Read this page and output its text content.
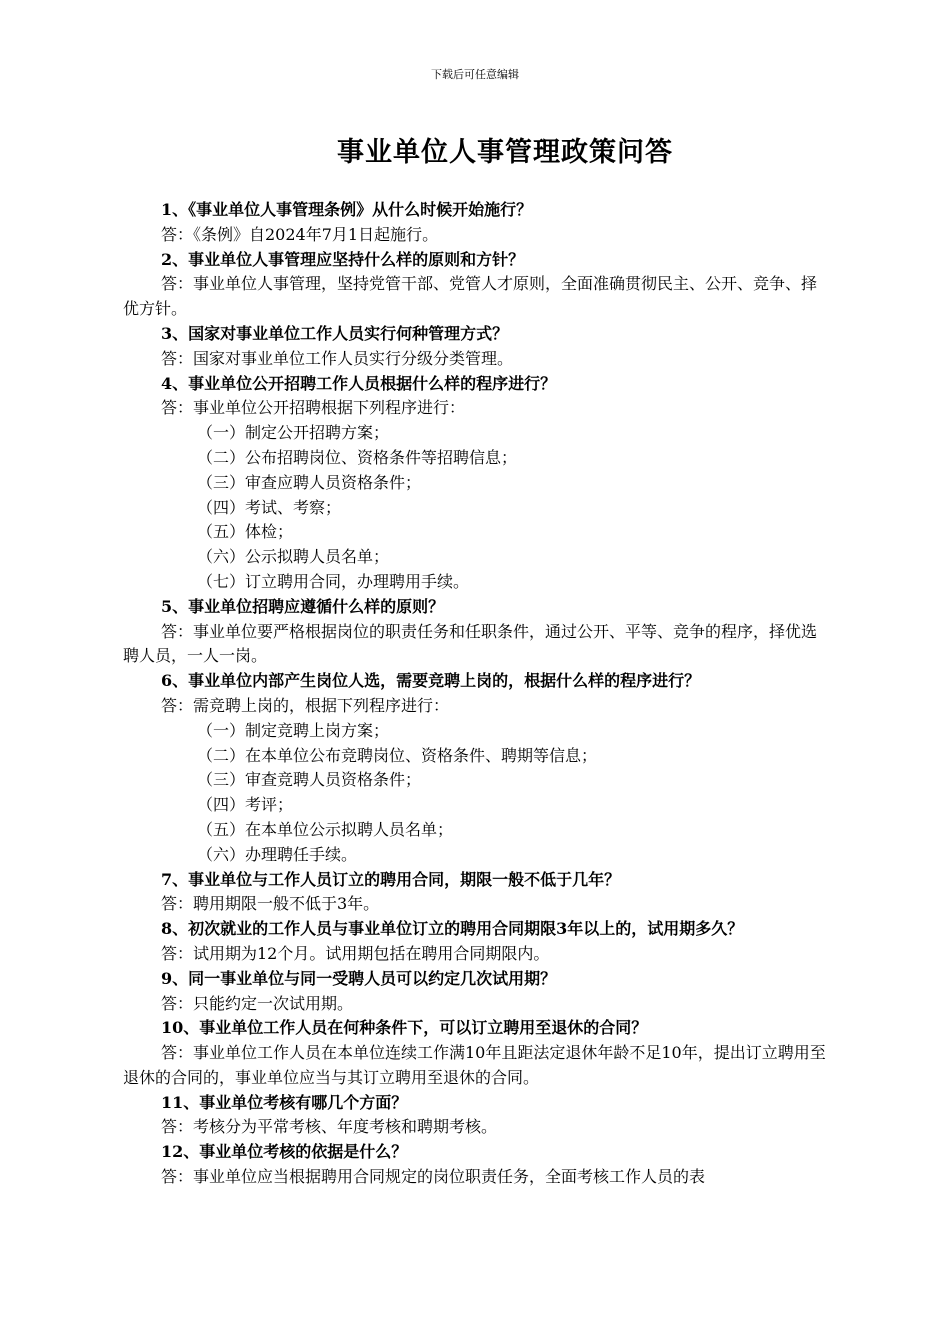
下载后可任意编辑
事业单位人事管理政策问答

1、《事业单位人事管理条例》从什么时候开始施行？

答：《条例》自2024年7月1日起施行。

2、事业单位人事管理应坚持什么样的原则和方针？

答：事业单位人事管理，坚持党管干部、党管人才原则，全面准确贯彻民主、公开、竞争、择优方针。

3、国家对事业单位工作人员实行何种管理方式？

答：国家对事业单位工作人员实行分级分类管理。

4、事业单位公开招聘工作人员根据什么样的程序进行？

答：事业单位公开招聘根据下列程序进行：

（一）制定公开招聘方案；

（二）公布招聘岗位、资格条件等招聘信息；

（三）审查应聘人员资格条件；

（四）考试、考察；

（五）体检；

（六）公示拟聘人员名单；

（七）订立聘用合同，办理聘用手续。

5、事业单位招聘应遵循什么样的原则？

答：事业单位要严格根据岗位的职责任务和任职条件，通过公开、平等、竞争的程序，择优选聘人员，一人一岗。

6、事业单位内部产生岗位人选，需要竞聘上岗的，根据什么样的程序进行？

答：需竞聘上岗的，根据下列程序进行：

（一）制定竞聘上岗方案；

（二）在本单位公布竞聘岗位、资格条件、聘期等信息；

（三）审查竞聘人员资格条件；

（四）考评；

（五）在本单位公示拟聘人员名单；

（六）办理聘任手续。

7、事业单位与工作人员订立的聘用合同，期限一般不低于几年？

答：聘用期限一般不低于3年。

8、初次就业的工作人员与事业单位订立的聘用合同期限3年以上的，试用期多久？

答：试用期为12个月。试用期包括在聘用合同期限内。

9、同一事业单位与同一受聘人员可以约定几次试用期？

答：只能约定一次试用期。

10、事业单位工作人员在何种条件下，可以订立聘用至退休的合同？

答：事业单位工作人员在本单位连续工作满10年且距法定退休年龄不足10年，提出订立聘用至退休的合同的，事业单位应当与其订立聘用至退休的合同。

11、事业单位考核有哪几个方面？

答：考核分为平常考核、年度考核和聘期考核。

12、事业单位考核的依据是什么？

答：事业单位应当根据聘用合同规定的岗位职责任务，全面考核工作人员的表
